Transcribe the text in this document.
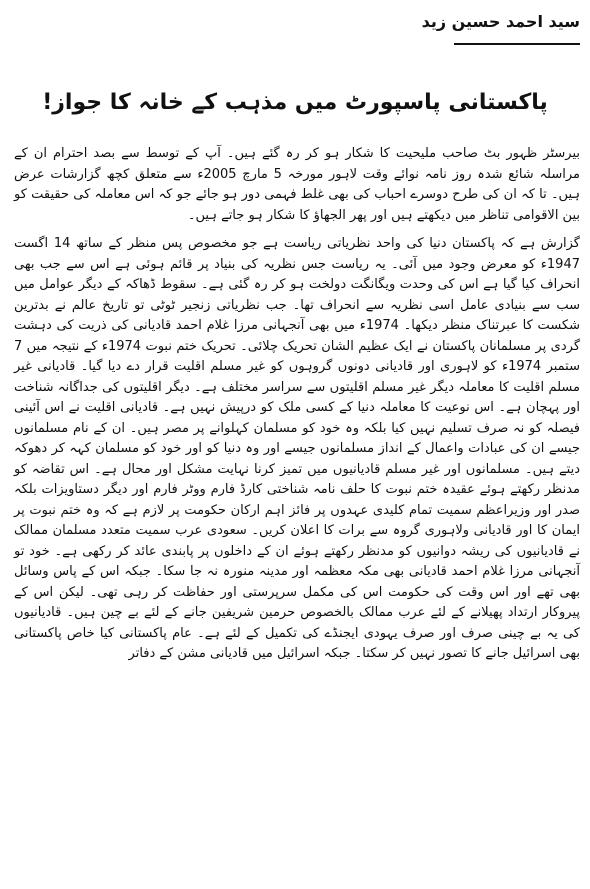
سید احمد حسین زید
پاکستانی پاسپورٹ میں مذہب کے خانہ کا جواز!

بیرسٹر ظہور بٹ صاحب ملیحیت کا شکار ہو کر رہ گئے ہیں۔ آپ کے توسط سے بصد احترام ان کے مراسلہ شائع شدہ روز نامہ نوائے وقت لاہور مورخہ 5 مارچ 2005ء سے متعلق کچھ گزارشات عرض ہیں۔ تا کہ ان کی طرح دوسرے احباب کی بھی غلط فہمی دور ہو جائے جو کہ اس معاملہ کی حقیقت کو بین الاقوامی تناظر میں دیکھتے ہیں اور پھر الجھاؤ کا شکار ہو جاتے ہیں۔

گزارش ہے کہ پاکستان دنیا کی واحد نظریاتی ریاست ہے جو مخصوص پس منظر کے ساتھ 14 اگست 1947ء کو معرض وجود میں آئی۔ یہ ریاست جس نظریہ کی بنیاد پر قائم ہوئی ہے اس سے جب بھی انحراف کیا گیا ہے اس کی وحدت ویگانگت دولخت ہو کر رہ گئی ہے۔ سقوط ڈھاکہ کے دیگر عوامل میں سب سے بنیادی عامل اسی نظریہ سے انحراف تھا۔ جب نظریاتی زنجیر ٹوٹی تو تاریخ عالم نے بدترین شکست کا عبرتناک منظر دیکھا۔ 1974ء میں بھی آنجہانی مرزا غلام احمد قادیانی کی ذریت کی دہشت گردی پر مسلمانان پاکستان نے ایک عظیم الشان تحریک چلائی۔ تحریک ختم نبوت 1974ء کے نتیجہ میں 7 ستمبر 1974ء کو لاہوری اور قادیانی دونوں گروہوں کو غیر مسلم اقلیت قرار دے دیا گیا۔ قادیانی غیر مسلم اقلیت کا معاملہ دیگر غیر مسلم اقلیتوں سے سراسر مختلف ہے۔ دیگر اقلیتوں کی جداگانہ شناخت اور پہچان ہے۔ اس نوعیت کا معاملہ دنیا کے کسی ملک کو درپیش نہیں ہے۔ قادیانی اقلیت نے اس آئینی فیصلہ کو نہ صرف تسلیم نہیں کیا بلکہ وہ خود کو مسلمان کہلوانے پر مصر ہیں۔ ان کے نام مسلمانوں جیسے ان کی عبادات واعمال کے انداز مسلمانوں جیسے اور وہ دنیا کو اور خود کو مسلمان کہہ کر دھوکہ دیتے ہیں۔ مسلمانوں اور غیر مسلم قادیانیوں میں تمیز کرنا نہایت مشکل اور محال ہے۔ اس تقاضہ کو مدنظر رکھتے ہوئے عقیدہ ختم نبوت کا حلف نامہ شناختی کارڈ فارم ووٹر فارم اور دیگر دستاویزات بلکہ صدر اور وزیراعظم سمیت تمام کلیدی عہدوں پر فائز اہم ارکان حکومت پر لازم ہے کہ وہ ختم نبوت پر ایمان کا اور قادیانی ولاہوری گروہ سے برات کا اعلان کریں۔ سعودی عرب سمیت متعدد مسلمان ممالک نے قادیانیوں کی ریشہ دوانیوں کو مدنظر رکھتے ہوئے ان کے داخلوں پر پابندی عائد کر رکھی ہے۔ خود تو آنجہانی مرزا غلام احمد قادیانی بھی مکہ معظمہ اور مدینہ منورہ نہ جا سکا۔ جبکہ اس کے پاس وسائل بھی تھے اور اس وقت کی حکومت اس کی مکمل سرپرستی اور حفاظت کر رہی تھی۔ لیکن اس کے پیروکار ارتداد پھیلانے کے لئے عرب ممالک بالخصوص حرمین شریفین جانے کے لئے بے چین ہیں۔ قادیانیوں کی یہ بے چینی صرف اور صرف یہودی ایجنڈے کی تکمیل کے لئے ہے۔ عام پاکستانی کیا خاص پاکستانی بھی اسرائیل جانے کا تصور نہیں کر سکتا۔ جبکہ اسرائیل میں قادیانی مشن کے دفاتر
